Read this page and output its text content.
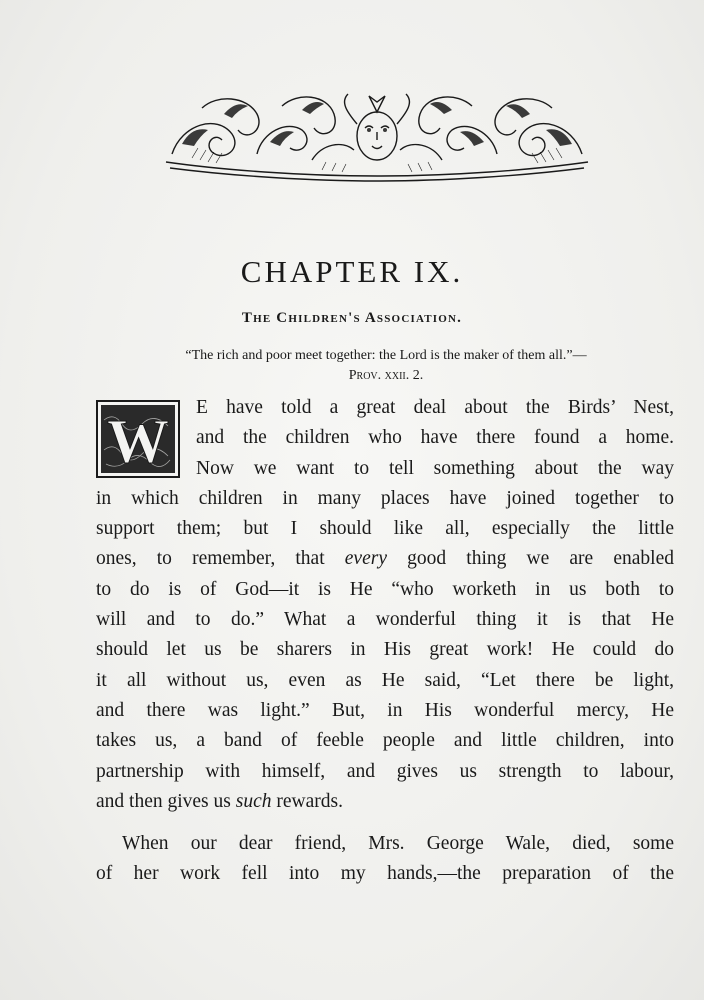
CHAPTER IX.
The Children's Association.

“The rich and poor meet together: the Lord is the maker of them all.”—
Prov. xxii. 2.

W
E have told a great deal about the Birds’ Nest,
and the children who have there found a home.
Now we want to tell something about the way
in which children in many places have joined together to
support them; but I should like all, especially the little
ones, to remember, that every good thing we are enabled
to do is of God—it is He “who worketh in us both to
will and to do.” What a wonderful thing it is that He
should let us be sharers in His great work! He could do
it all without us, even as He said, “Let there be light,
and there was light.” But, in His wonderful mercy, He
takes us, a band of feeble people and little children, into
partnership with himself, and gives us strength to labour,
and then gives us such rewards.
When our dear friend, Mrs. George Wale, died, some
of her work fell into my hands,—the preparation of the
